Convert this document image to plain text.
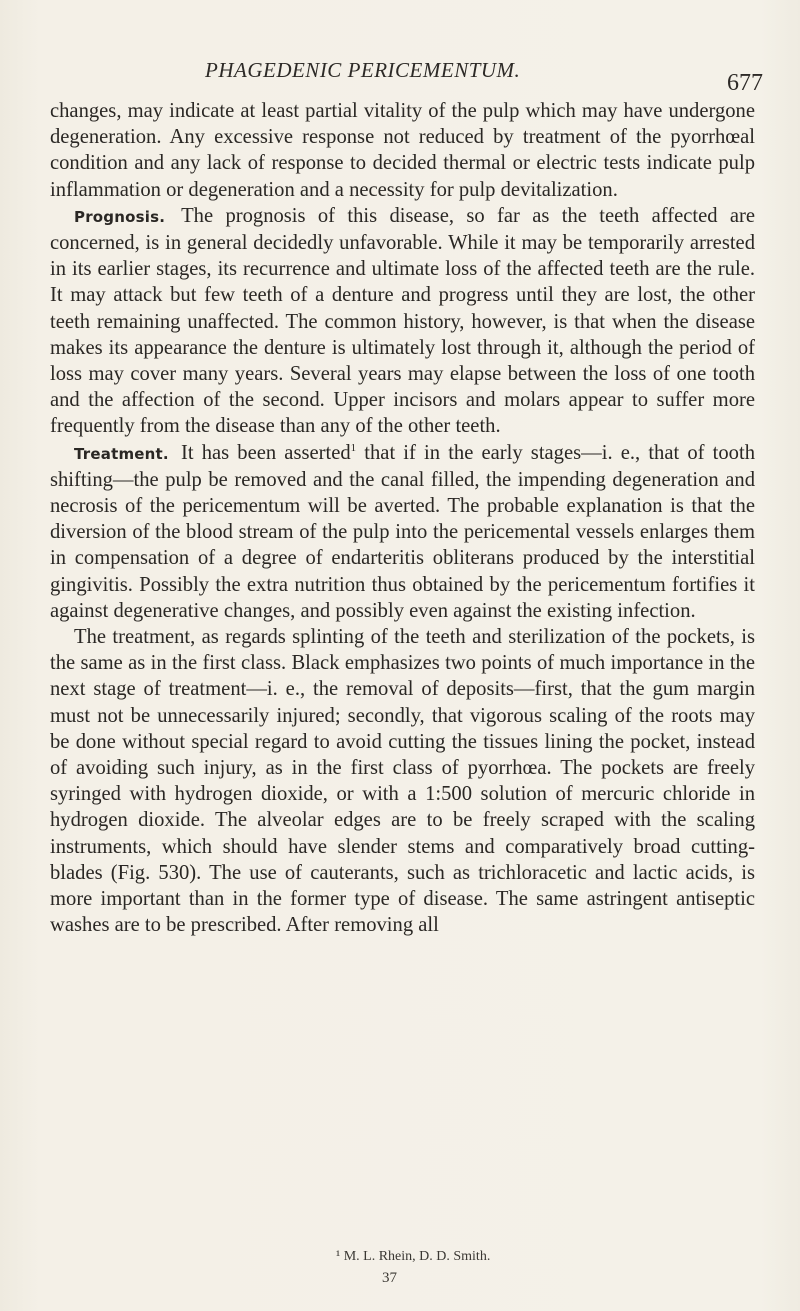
PHAGEDENIC PERICEMENTUM.	677

changes, may indicate at least partial vitality of the pulp which may have undergone degeneration. Any excessive response not reduced by treatment of the pyorrhœal condition and any lack of response to decided thermal or electric tests indicate pulp inflammation or degeneration and a necessity for pulp devitalization.

Prognosis. The prognosis of this disease, so far as the teeth affected are concerned, is in general decidedly unfavorable. While it may be temporarily arrested in its earlier stages, its recurrence and ultimate loss of the affected teeth are the rule. It may attack but few teeth of a denture and progress until they are lost, the other teeth remaining unaffected. The common history, however, is that when the disease makes its appearance the denture is ultimately lost through it, although the period of loss may cover many years. Several years may elapse between the loss of one tooth and the affection of the second. Upper incisors and molars appear to suffer more frequently from the disease than any of the other teeth.

Treatment. It has been asserted$^1$ that if in the early stages—i. e., that of tooth shifting—the pulp be removed and the canal filled, the impending degeneration and necrosis of the pericementum will be averted. The probable explanation is that the diversion of the blood stream of the pulp into the pericemental vessels enlarges them in compensation of a degree of endarteritis obliterans produced by the interstitial gingivitis. Possibly the extra nutrition thus obtained by the pericementum fortifies it against degenerative changes, and possibly even against the existing infection.

The treatment, as regards splinting of the teeth and sterilization of the pockets, is the same as in the first class. Black emphasizes two points of much importance in the next stage of treatment—i. e., the removal of deposits—first, that the gum margin must not be unnecessarily injured; secondly, that vigorous scaling of the roots may be done without special regard to avoid cutting the tissues lining the pocket, instead of avoiding such injury, as in the first class of pyorrhœa. The pockets are freely syringed with hydrogen dioxide, or with a 1:500 solution of mercuric chloride in hydrogen dioxide. The alveolar edges are to be freely scraped with the scaling instruments, which should have slender stems and comparatively broad cutting-blades (Fig. 530). The use of cauterants, such as trichloracetic and lactic acids, is more important than in the former type of disease. The same astringent antiseptic washes are to be prescribed. After removing all

¹ M. L. Rhein, D. D. Smith.
37
